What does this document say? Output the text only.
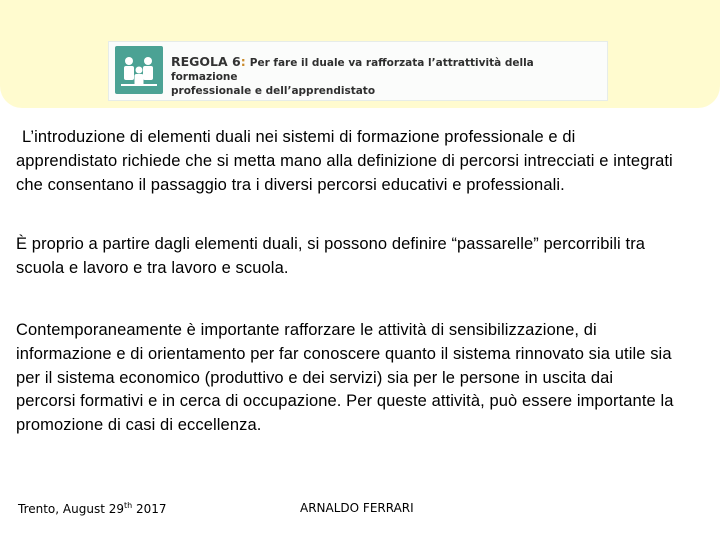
REGOLA 6: Per fare il duale va rafforzata l’attrattività della formazione
professionale e dell’apprendistato
L’introduzione di elementi duali nei sistemi di formazione professionale e di apprendistato richiede che si metta mano alla definizione di percorsi intrecciati e integrati che consentano il passaggio tra i diversi percorsi educativi e professionali.
È proprio a partire dagli elementi duali, si possono definire “passarelle” percorribili tra scuola e lavoro e tra lavoro e scuola.
Contemporaneamente è importante rafforzare le attività di sensibilizzazione, di informazione e di orientamento per far conoscere quanto il sistema rinnovato sia utile sia per il sistema economico (produttivo e dei servizi) sia per le persone in uscita dai percorsi formativi e in cerca di occupazione. Per queste attività, può essere importante la promozione di casi di eccellenza.
Trento, August 29th 2017	ARNALDO FERRARI
